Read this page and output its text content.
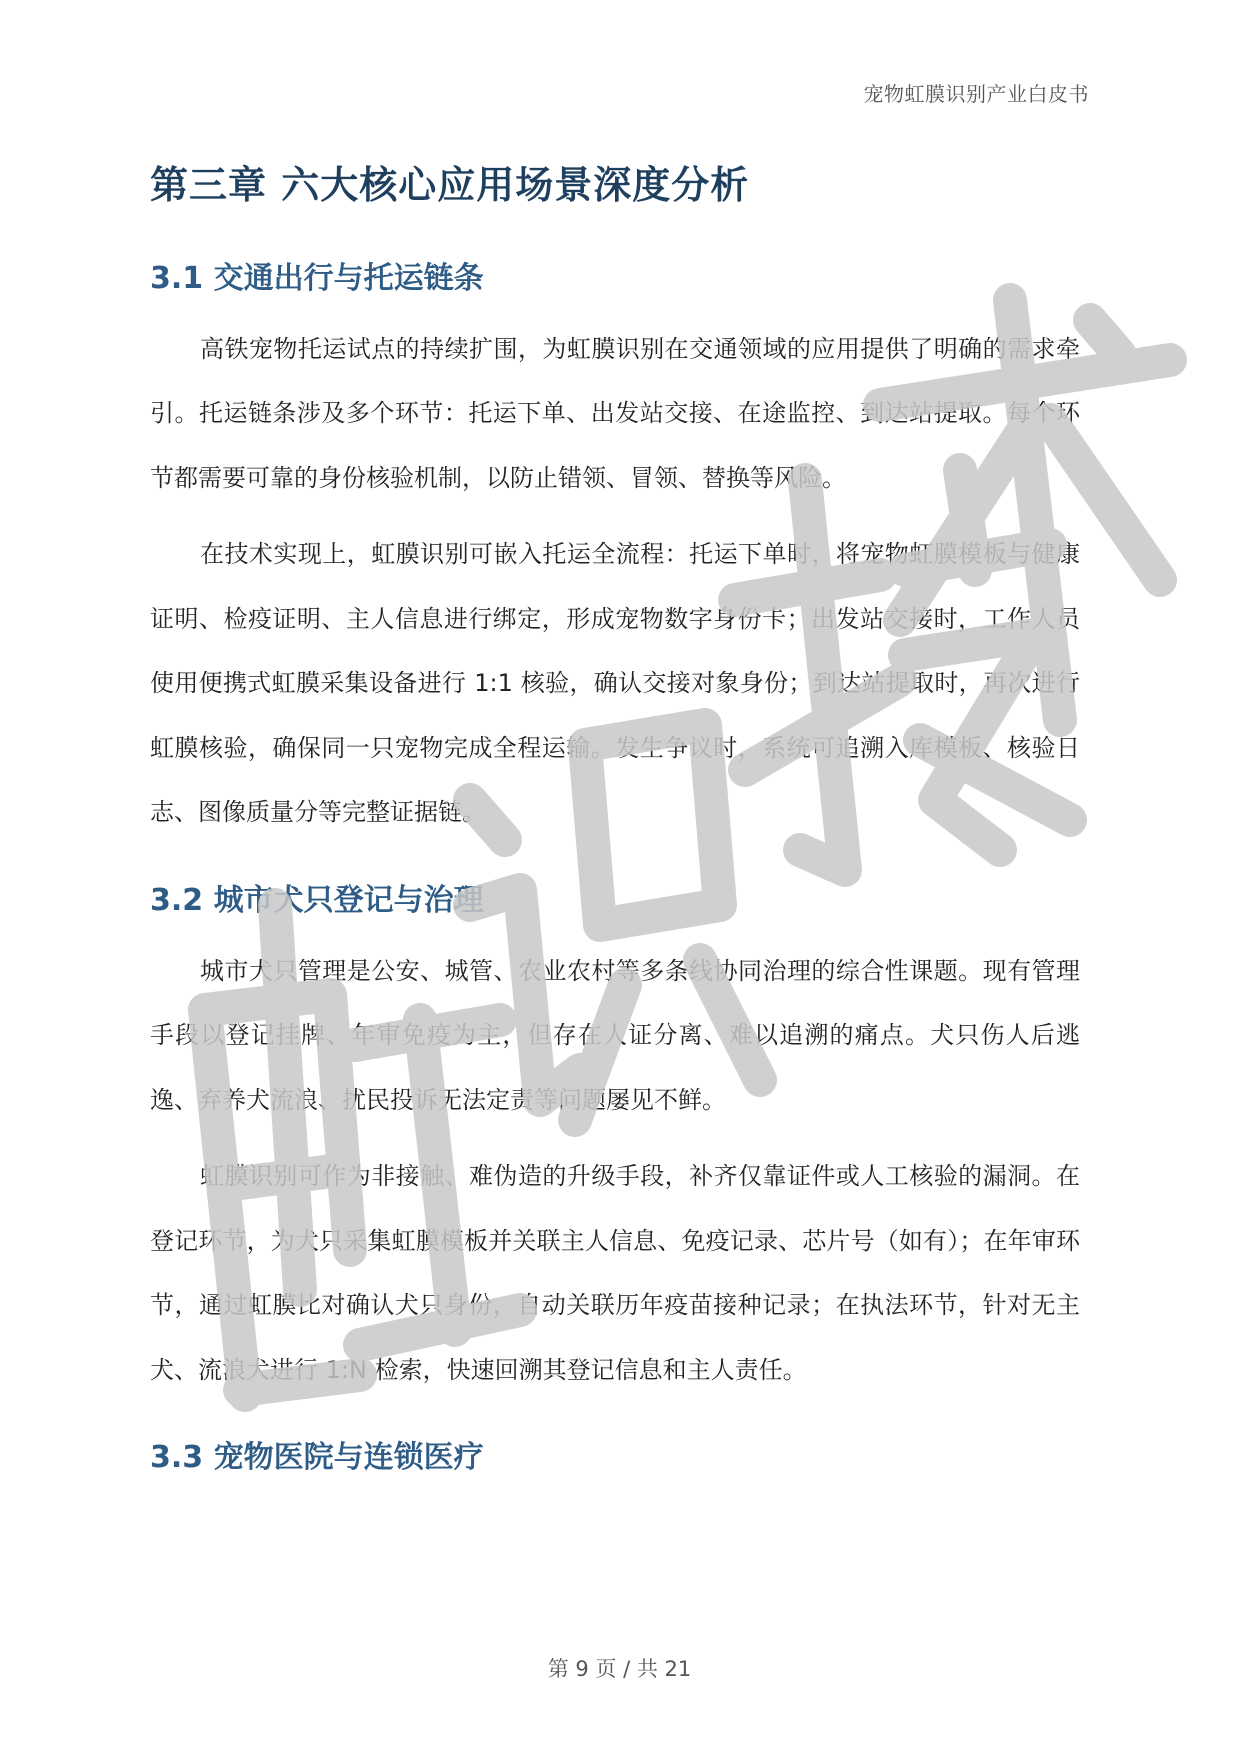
宠物虹膜识别产业白皮书
第三章 六大核心应用场景深度分析
3.1 交通出行与托运链条

高铁宠物托运试点的持续扩围，为虹膜识别在交通领域的应用提供了明确的需求牵引。托运链条涉及多个环节：托运下单、出发站交接、在途监控、到达站提取。每个环节都需要可靠的身份核验机制，以防止错领、冒领、替换等风险。

在技术实现上，虹膜识别可嵌入托运全流程：托运下单时，将宠物虹膜模板与健康证明、检疫证明、主人信息进行绑定，形成宠物数字身份卡；出发站交接时，工作人员使用便携式虹膜采集设备进行 1:1 核验，确认交接对象身份；到达站提取时，再次进行虹膜核验，确保同一只宠物完成全程运输。发生争议时，系统可追溯入库模板、核验日志、图像质量分等完整证据链。

3.2 城市犬只登记与治理

城市犬只管理是公安、城管、农业农村等多条线协同治理的综合性课题。现有管理手段以登记挂牌、年审免疫为主，但存在人证分离、难以追溯的痛点。犬只伤人后逃逸、弃养犬流浪、扰民投诉无法定责等问题屡见不鲜。

虹膜识别可作为非接触、难伪造的升级手段，补齐仅靠证件或人工核验的漏洞。在登记环节，为犬只采集虹膜模板并关联主人信息、免疫记录、芯片号（如有）；在年审环节，通过虹膜比对确认犬只身份，自动关联历年疫苗接种记录；在执法环节，针对无主犬、流浪犬进行 1:N 检索，快速回溯其登记信息和主人责任。

3.3 宠物医院与连锁医疗
第 9 页 / 共 21
